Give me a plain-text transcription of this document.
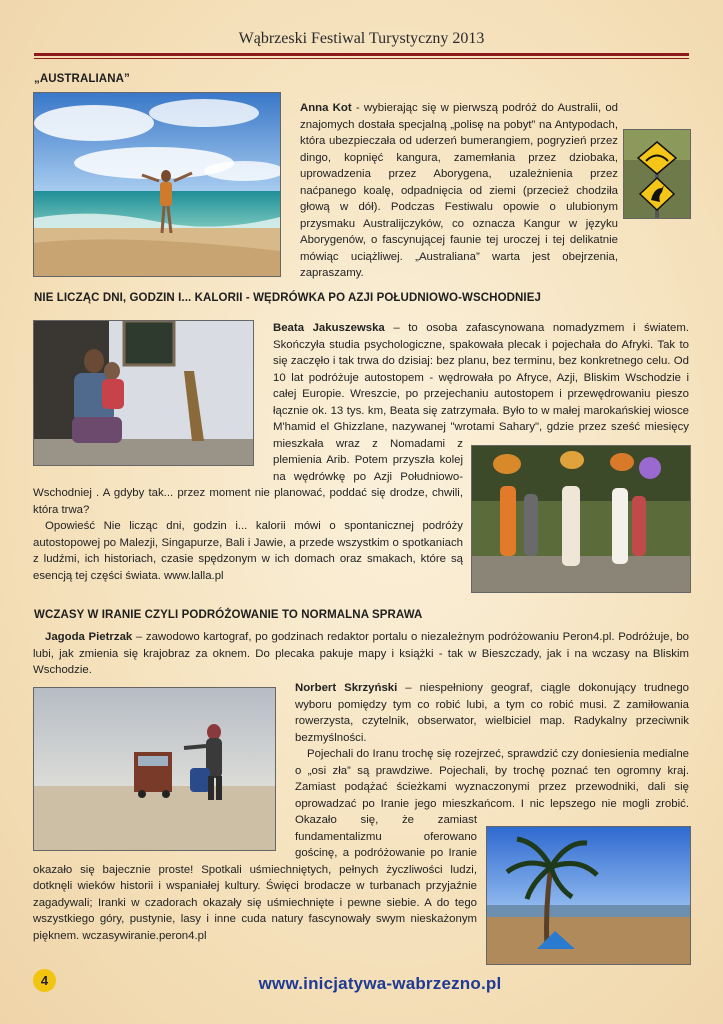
Wąbrzeski Festiwal Turystyczny 2013
„AUSTRALIANA”

Anna Kot - wybierając się w pierwszą podróż do Australii, od znajomych dostała specjalną „polisę na pobyt” na Antypodach, która ubezpieczała od uderzeń bumerangiem, pogryzień przez dingo, kopnięć kangura, zamemłania przez dziobaka, uprowadzenia przez Aborygena, uzależnienia przez naćpanego koalę, odpadnięcia od ziemi (przecież chodziła głową w dół). Podczas Festiwalu opowie o ulubionym przysmaku Australijczyków, co oznacza Kangur w języku Aborygenów, o fascynującej faunie tej uroczej i tej delikatnie mówiąc uciążliwej. „Australiana” warta jest obejrzenia, zapraszamy.

NIE LICZĄC DNI, GODZIN I... KALORII - WĘDRÓWKA PO AZJI POŁUDNIOWO-WSCHODNIEJ

Beata Jakuszewska – to osoba zafascynowana nomadyzmem i światem. Skończyła studia psychologiczne, spakowała plecak i pojechała do Afryki. Tak to się zaczęło i tak trwa do dzisiaj: bez planu, bez terminu, bez konkretnego celu. Od 10 lat podróżuje autostopem - wędrowała po Afryce, Azji, Bliskim Wschodzie i całej Europie. Wreszcie, po przejechaniu autostopem i przewędrowaniu pieszo łącznie ok. 13 tys. km, Beata się zatrzymała. Było to w małej marokańskiej wiosce M'hamid el Ghizzlane, nazywanej "wrotami Sahary", gdzie przez sześć miesięcy mieszkała wraz z Nomadami z plemienia Arib. Potem przyszła kolej na wędrówkę po Azji Południowo-Wschodniej . A gdyby tak... przez moment nie planować, poddać się drodze, chwili, która trwa?

Opowieść Nie licząc dni, godzin i... kalorii mówi o spontanicznej podróży autostopowej po Malezji, Singapurze, Bali i Jawie, a przede wszystkim o spotkaniach z ludźmi, ich historiach, czasie spędzonym w ich domach oraz smakach, które są esencją tej części świata. www.lalla.pl

WCZASY W IRANIE CZYLI PODRÓŻOWANIE TO NORMALNA SPRAWA

Jagoda Pietrzak – zawodowo kartograf, po godzinach redaktor portalu o niezależnym podróżowaniu Peron4.pl. Podróżuje, bo lubi, jak zmienia się krajobraz za oknem. Do plecaka pakuje mapy i książki - tak w Bieszczady, jak i na wczasy na Bliskim Wschodzie.

Norbert Skrzyński – niespełniony geograf, ciągle dokonujący trudnego wyboru pomiędzy tym co robić lubi, a tym co robić musi. Z zamiłowania rowerzysta, czytelnik, obserwator, wielbiciel map. Radykalny przeciwnik bezmyślności.

Pojechali do Iranu trochę się rozejrzeć, sprawdzić czy doniesienia medialne o „osi zła” są prawdziwe. Pojechali, by trochę poznać ten ogromny kraj. Zamiast podążać ścieżkami wyznaczonymi przez przewodniki, dali się oprowadzać po Iranie jego mieszkańcom. I nic lepszego nie mogli zrobić. Okazało się, że zamiast fundamentalizmu oferowano gościnę, a podróżowanie po Iranie okazało się bajecznie proste! Spotkali uśmiechniętych, pełnych życzliwości ludzi, dotknęli wieków historii i wspaniałej kultury. Święci brodacze w turbanach przyjaźnie zagadywali; Iranki w czadorach okazały się uśmiechnięte i pewne siebie. A do tego wszystkiego góry, pustynie, lasy i inne cuda natury fascynowały swym nieskażonym pięknem. wczasywiranie.peron4.pl

4	www.inicjatywa-wabrzezno.pl
